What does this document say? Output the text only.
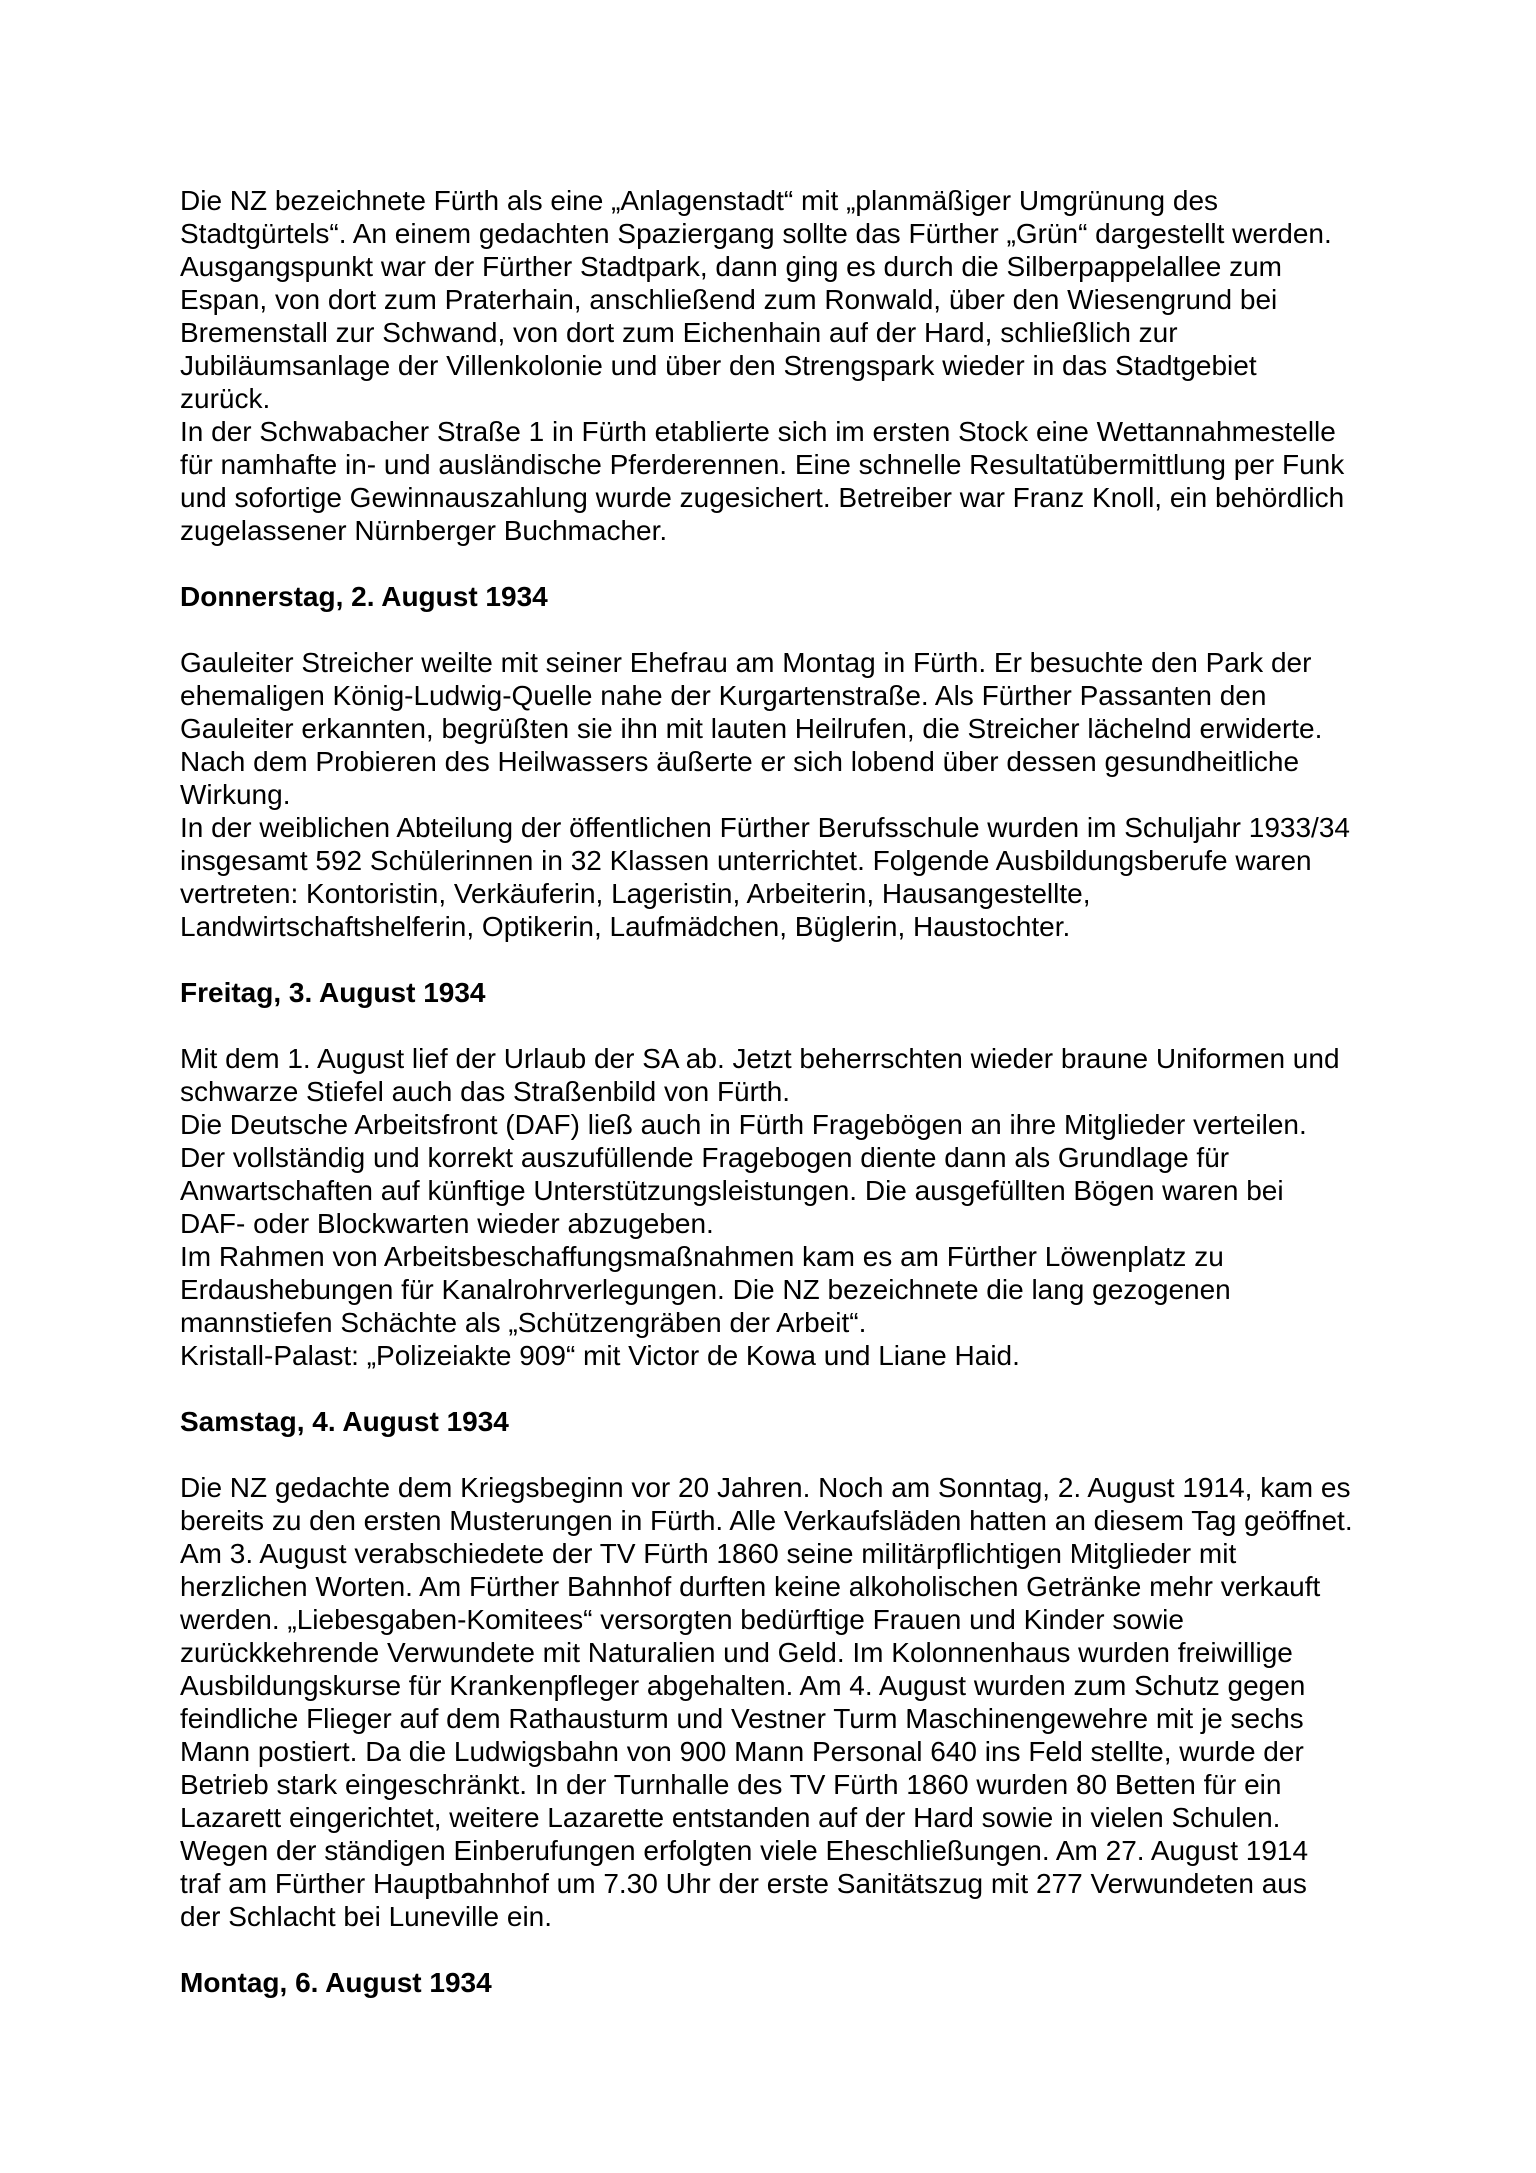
Die NZ bezeichnete Fürth als eine „Anlagenstadt“ mit „planmäßiger Umgrünung des Stadtgürtels“. An einem gedachten Spaziergang sollte das Fürther „Grün“ dargestellt werden. Ausgangspunkt war der Fürther Stadtpark, dann ging es durch die Silberpappelallee zum Espan, von dort zum Praterhain, anschließend zum Ronwald, über den Wiesengrund bei Bremenstall zur Schwand, von dort zum Eichenhain auf der Hard, schließlich zur Jubiläumsanlage der Villenkolonie und über den Strengspark wieder in das Stadtgebiet zurück.

In der Schwabacher Straße 1 in Fürth etablierte sich im ersten Stock eine Wettannahmestelle für namhafte in- und ausländische Pferderennen. Eine schnelle Resultatübermittlung per Funk und sofortige Gewinnauszahlung wurde zugesichert. Betreiber war Franz Knoll, ein behördlich zugelassener Nürnberger Buchmacher.

Donnerstag, 2. August 1934

Gauleiter Streicher weilte mit seiner Ehefrau am Montag in Fürth. Er besuchte den Park der ehemaligen König-Ludwig-Quelle nahe der Kurgartenstraße. Als Fürther Passanten den Gauleiter erkannten, begrüßten sie ihn mit lauten Heilrufen, die Streicher lächelnd erwiderte. Nach dem Probieren des Heilwassers äußerte er sich lobend über dessen gesundheitliche Wirkung.

In der weiblichen Abteilung der öffentlichen Fürther Berufsschule wurden im Schuljahr 1933/34 insgesamt 592 Schülerinnen in 32 Klassen unterrichtet. Folgende Ausbildungsberufe waren vertreten: Kontoristin, Verkäuferin, Lageristin, Arbeiterin, Hausangestellte, Landwirtschaftshelferin, Optikerin, Laufmädchen, Büglerin, Haustochter.

Freitag, 3. August 1934

Mit dem 1. August lief der Urlaub der SA ab. Jetzt beherrschten wieder braune Uniformen und schwarze Stiefel auch das Straßenbild von Fürth.

Die Deutsche Arbeitsfront (DAF) ließ auch in Fürth Fragebögen an ihre Mitglieder verteilen. Der vollständig und korrekt auszufüllende Fragebogen diente dann als Grundlage für Anwartschaften auf künftige Unterstützungsleistungen. Die ausgefüllten Bögen waren bei DAF- oder Blockwarten wieder abzugeben.

Im Rahmen von Arbeitsbeschaffungsmaßnahmen kam es am Fürther Löwenplatz zu Erdaushebungen für Kanalrohrverlegungen. Die NZ bezeichnete die lang gezogenen mannstiefen Schächte als „Schützengräben der Arbeit“.

Kristall-Palast: „Polizeiakte 909“ mit Victor de Kowa und Liane Haid.

Samstag, 4. August 1934

Die NZ gedachte dem Kriegsbeginn vor 20 Jahren. Noch am Sonntag, 2. August 1914, kam es bereits zu den ersten Musterungen in Fürth. Alle Verkaufsläden hatten an diesem Tag geöffnet. Am 3. August verabschiedete der TV Fürth 1860 seine militärpflichtigen Mitglieder mit herzlichen Worten. Am Fürther Bahnhof durften keine alkoholischen Getränke mehr verkauft werden. „Liebesgaben-Komitees“ versorgten bedürftige Frauen und Kinder sowie zurückkehrende Verwundete mit Naturalien und Geld. Im Kolonnenhaus wurden freiwillige Ausbildungskurse für Krankenpfleger abgehalten. Am 4. August wurden zum Schutz gegen feindliche Flieger auf dem Rathausturm und Vestner Turm Maschinengewehre mit je sechs Mann postiert. Da die Ludwigsbahn von 900 Mann Personal 640 ins Feld stellte, wurde der Betrieb stark eingeschränkt. In der Turnhalle des TV Fürth 1860 wurden 80 Betten für ein Lazarett eingerichtet, weitere Lazarette entstanden auf der Hard sowie in vielen Schulen. Wegen der ständigen Einberufungen erfolgten viele Eheschließungen. Am 27. August 1914 traf am Fürther Hauptbahnhof um 7.30 Uhr der erste Sanitätszug mit 277 Verwundeten aus der Schlacht bei Luneville ein.

Montag, 6. August 1934
